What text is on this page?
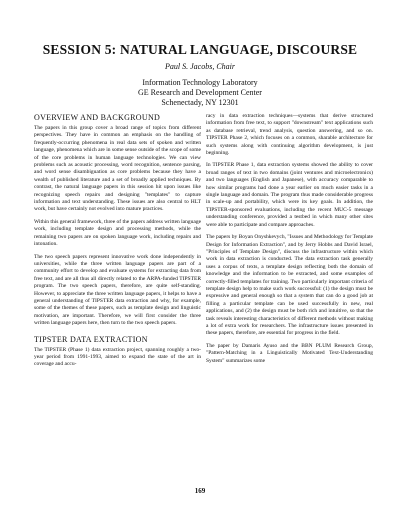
SESSION 5: NATURAL LANGUAGE, DISCOURSE
Paul S. Jacobs, Chair
Information Technology Laboratory
GE Research and Development Center
Schenectady, NY 12301
OVERVIEW AND BACKGROUND

The papers in this group cover a broad range of topics from different perspectives. They have in common an emphasis on the handling of frequently-occurring phenomena in real data sets of spoken and written language, phenomena which are in some sense outside of the scope of some of the core problems in human language technologies. We can view problems such as acoustic processing, word recognition, sentence parsing, and word sense disambiguation as core problems because they have a wealth of published literature and a set of broadly applied techniques. By contrast, the natural language papers in this session hit upon issues like recognizing speech repairs and designing "templates" to capture information and text understanding. These issues are also central to HLT work, but have certainly not evolved into mature practices.

Within this general framework, three of the papers address written language work, including template design and processing methods, while the remaining two papers are on spoken language work, including repairs and intonation.

The two speech papers represent innovative work done independently in universities, while the three written language papers are part of a community effort to develop and evaluate systems for extracting data from free text, and are all thus all directly related to the ARPA-funded TIPSTER program. The two speech papers, therefore, are quite self-standing. However, to appreciate the three written language papers, it helps to have a general understanding of TIPSTER data extraction and why, for example, some of the themes of these papers, such as template design and linguistic motivation, are important. Therefore, we will first consider the three written language papers here, then turn to the two speech papers.

TIPSTER DATA EXTRACTION

The TIPSTER (Phase 1) data extraction project, spanning roughly a two-year period from 1991-1993, aimed to expand the state of the art in coverage and accu-

racy in data extraction techniques—systems that derive structured information from free text, to support "downstream" text applications such as database retrieval, trend analysis, question answering, and so on. TIPSTER Phase 2, which focuses on a common, sharable architecture for such systems along with continuing algorithm development, is just beginning.

In TIPSTER Phase 1, data extraction systems showed the ability to cover broad ranges of text in two domains (joint ventures and microelectronics) and two languages (English and Japanese), with accuracy comparable to how similar programs had done a year earlier on much easier tasks in a single language and domain. The program thus made considerable progress in scale-up and portability, which were its key goals. In addition, the TIPSTER-sponsored evaluations, including the recent MUC-5 message understanding conference, provided a testbed in which many other sites were able to participate and compare approaches.

The papers by Boyan Onyshkevych, "Issues and Methodology for Template Design for Information Extraction", and by Jerry Hobbs and David Israel, "Principles of Template Design", discuss the infrastructure within which work in data extraction is conducted. The data extraction task generally uses a corpus of texts, a template design reflecting both the domain of knowledge and the information to be extracted, and some examples of correctly-filled templates for training. Two particularly important criteria of template design help to make such work successful: (1) the design must be expressive and general enough so that a system that can do a good job at filling a particular template can be used successfully in new, real applications, and (2) the design must be both rich and intuitive, so that the task reveals interesting characteristics of different methods without making a lot of extra work for researchers. The infrastructure issues presented in these papers, therefore, are essential for progress in the field.

The paper by Damaris Ayuso and the BBN PLUM Research Group, "Pattern-Matching in a Linguistically Motivated Text-Understanding System" summarizes some

169
